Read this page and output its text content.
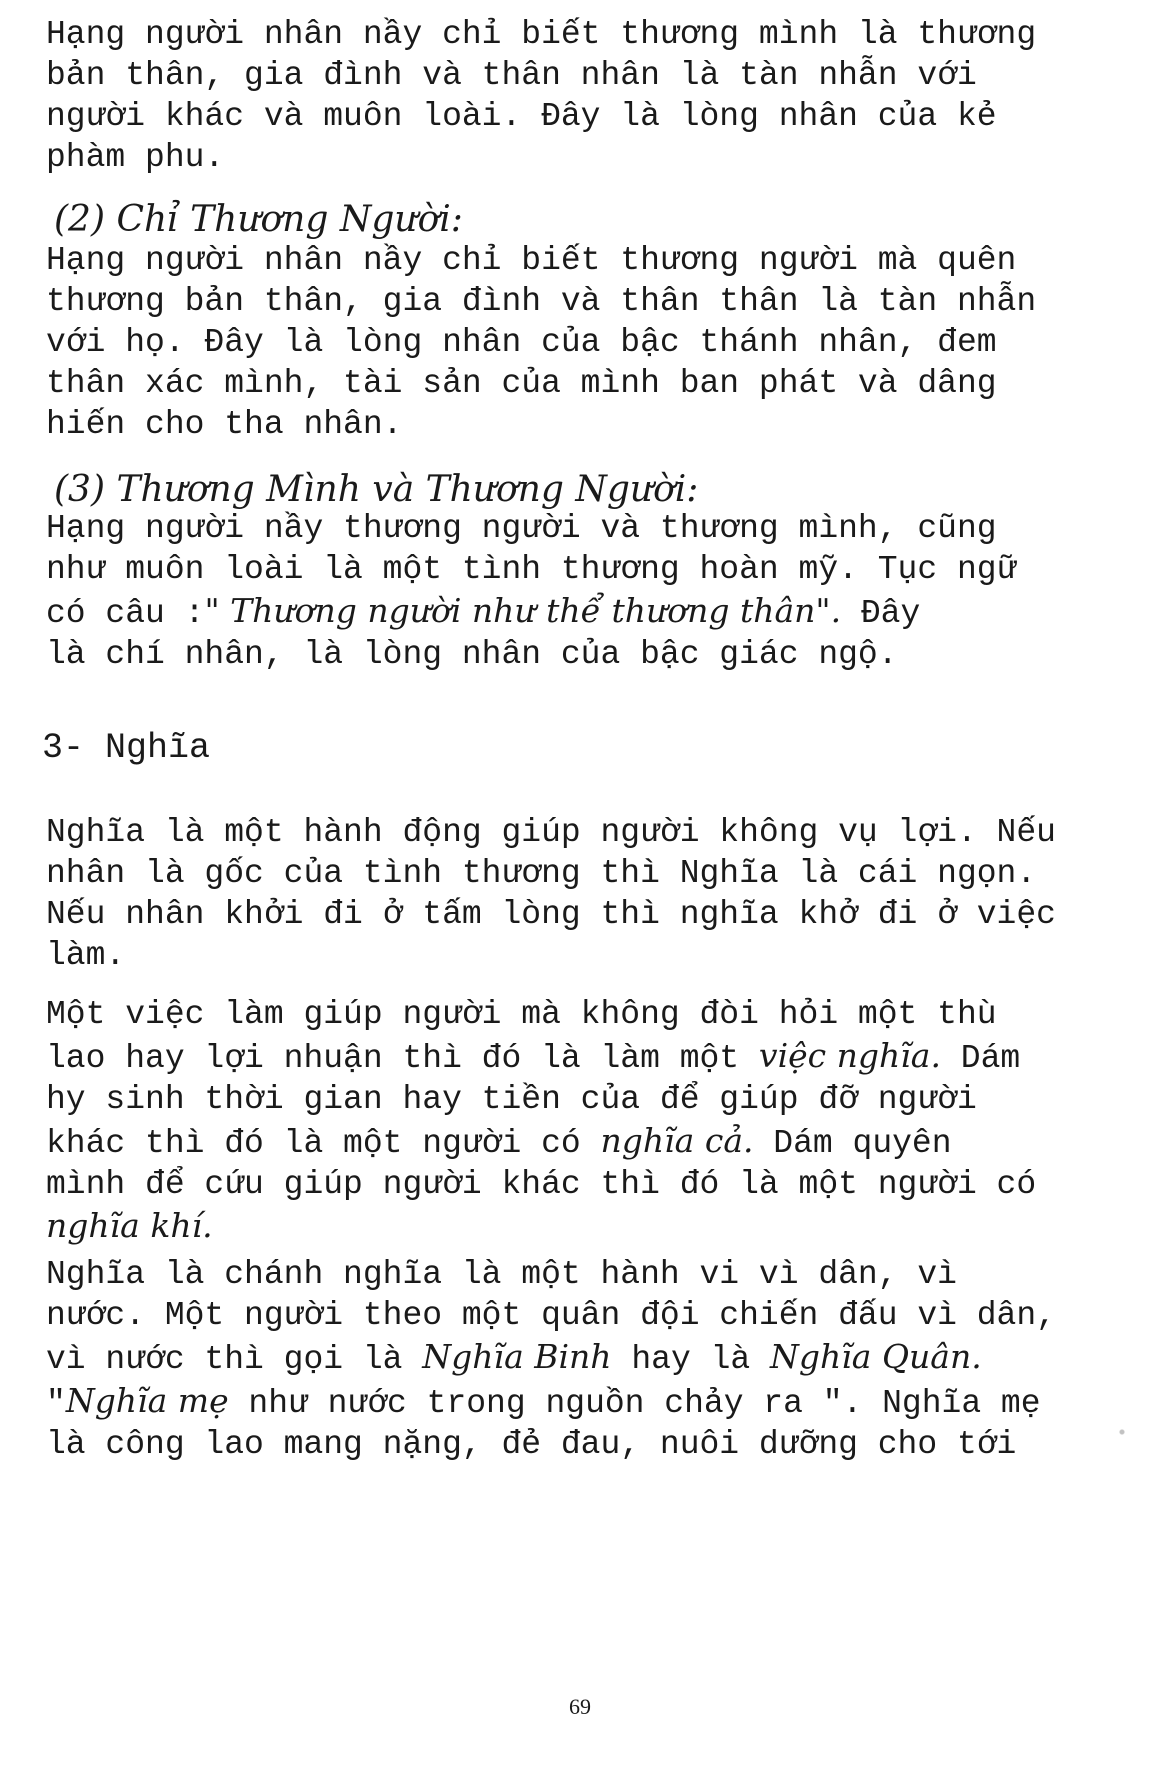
Hạng người nhân nầy chỉ biết thương mình là thương
bản thân, gia đình và thân nhân là tàn nhẫn với
người khác và muôn loài. Đây là lòng nhân của kẻ
phàm phu.
(2) Chỉ Thương Người:
Hạng người nhân nầy chỉ biết thương người mà quên
thương bản thân, gia đình và thân thân là tàn nhẫn
với họ. Đây là lòng nhân của bậc thánh nhân, đem
thân xác mình, tài sản của mình ban phát và dâng
hiến cho tha nhân.
(3) Thương Mình và Thương Người:
Hạng người nầy thương người và thương mình, cũng
như muôn loài là một tình thương hoàn mỹ. Tục ngữ
có câu :" Thương người như thể thương thân". Đây
là chí nhân, là lòng nhân của bậc giác ngộ.
3- Nghĩa
Nghĩa là một hành động giúp người không vụ lợi. Nếu
nhân là gốc của tình thương thì Nghĩa là cái ngọn.
Nếu nhân khởi đi ở tấm lòng thì nghĩa khở đi ở việc
làm.
Một việc làm giúp người mà không đòi hỏi một thù
lao hay lợi nhuận thì đó là làm một việc nghĩa. Dám
hy sinh thời gian hay tiền của để giúp đỡ người
khác thì đó là một người có nghĩa cả. Dám quyên
mình để cứu giúp người khác thì đó là một người có
nghĩa khí.
Nghĩa là chánh nghĩa là một hành vi vì dân, vì
nước. Một người theo một quân đội chiến đấu vì dân,
vì nước thì gọi là Nghĩa Binh hay là Nghĩa Quân.
"Nghĩa mẹ như nước trong nguồn chảy ra ". Nghĩa mẹ
là công lao mang nặng, đẻ đau, nuôi dưỡng cho tới
69
